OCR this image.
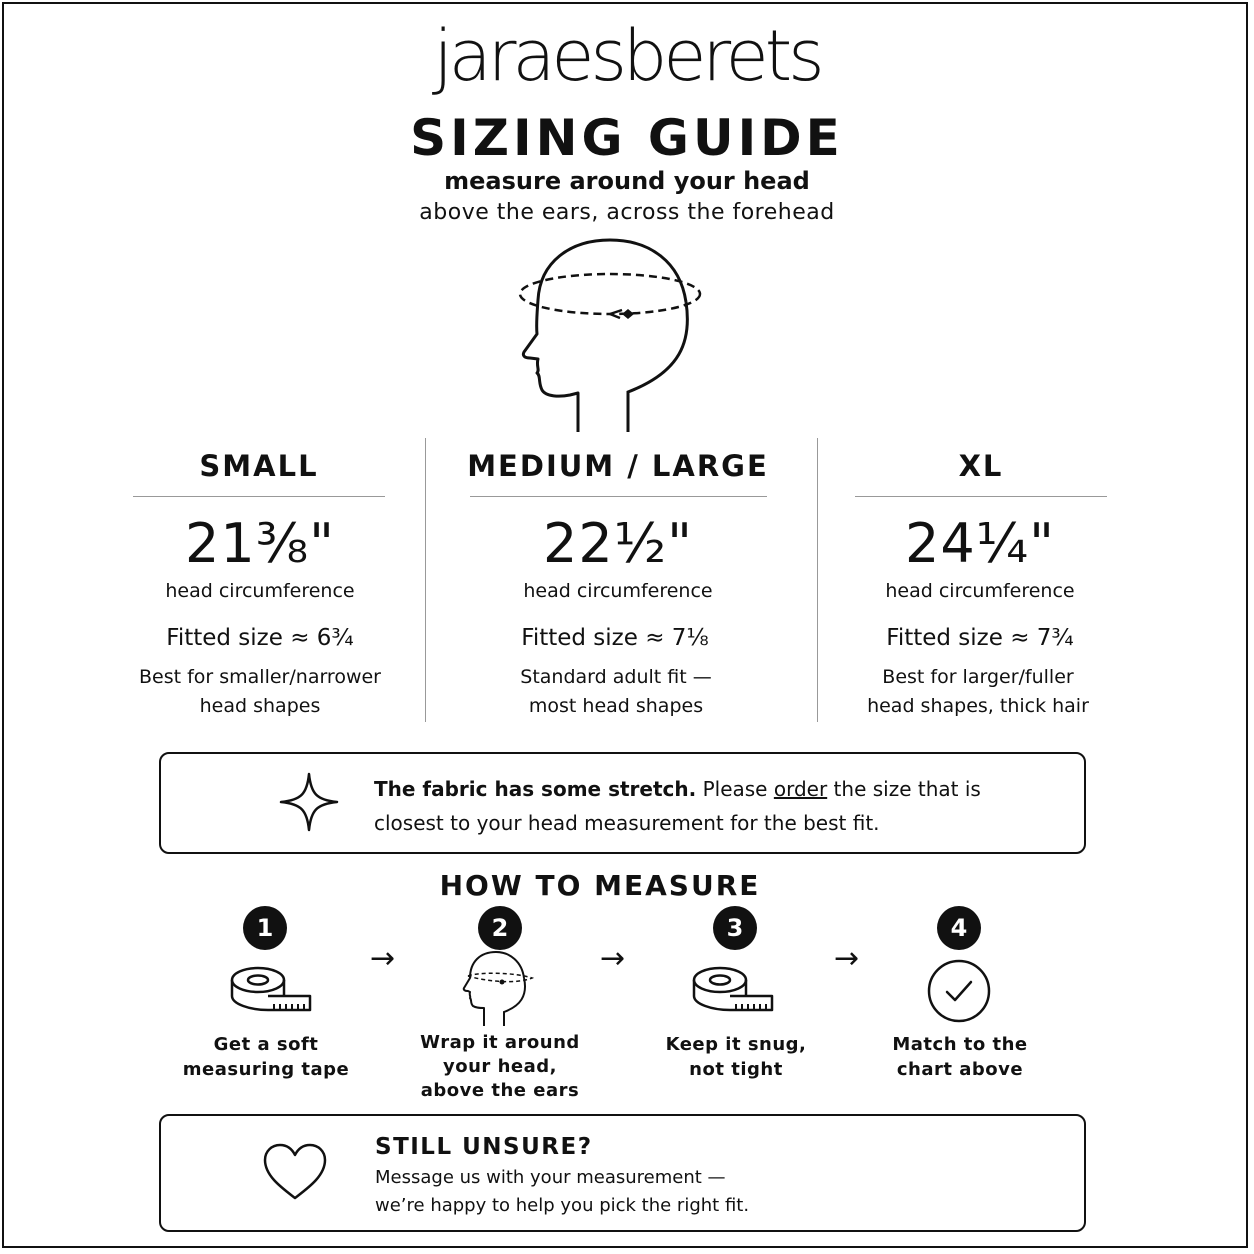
jaraesberets
SIZING GUIDE
measure around your head
above the ears, across the forehead
SMALL
21⅜"
head circumference
Fitted size ≈ 6¾
Best for smaller/narrower
head shapes
MEDIUM / LARGE
22½"
head circumference
Fitted size ≈ 7⅛
Standard adult fit —
most head shapes
XL
24¼"
head circumference
Fitted size ≈ 7¾
Best for larger/fuller
head shapes, thick hair
The fabric has some stretch. Please order the size that is
closest to your head measurement for the best fit.
HOW TO MEASURE
1
Get a soft
measuring tape
→
2
Wrap it around
your head,
above the ears
→
3
Keep it snug,
not tight
→
4
Match to the
chart above
STILL UNSURE?
Message us with your measurement —
we’re happy to help you pick the right fit.
